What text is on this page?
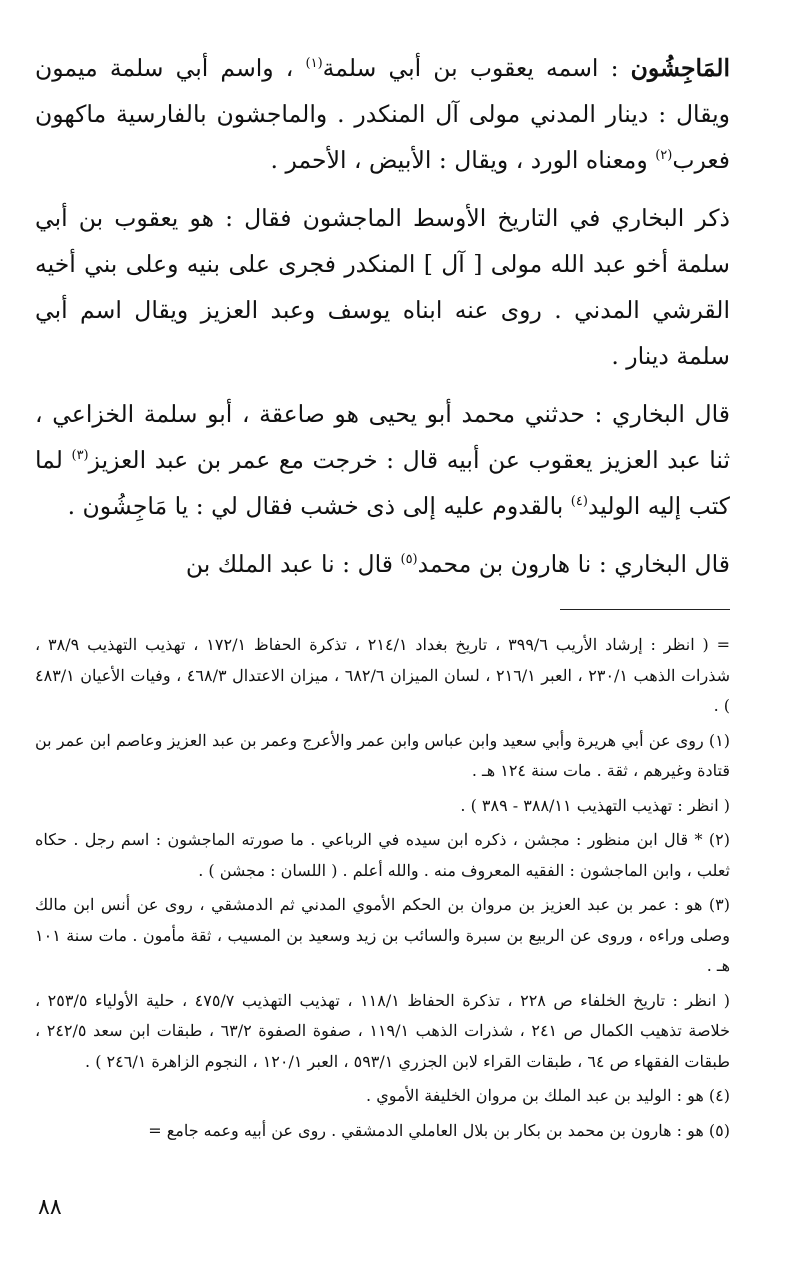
المَاجِشُون : اسمه يعقوب بن أبي سلمة$^{(١)}$ ، واسم أبي سلمة ميمون ويقال : دينار المدني مولى آل المنكدر . والماجشون بالفارسية ماكهون فعرب$^{(٢)}$ ومعناه الورد ، ويقال : الأبيض ، الأحمر .

ذكر البخاري في التاريخ الأوسط الماجشون فقال : هو يعقوب بن أبي سلمة أخو عبد الله مولى [ آل ] المنكدر فجرى على بنيه وعلى بني أخيه القرشي المدني . روى عنه ابناه يوسف وعبد العزيز ويقال اسم أبي سلمة دينار .

قال البخاري : حدثني محمد أبو يحيى هو صاعقة ، أبو سلمة الخزاعي ، ثنا عبد العزيز يعقوب عن أبيه قال : خرجت مع عمر بن عبد العزيز$^{(٣)}$ لما كتب إليه الوليد$^{(٤)}$ بالقدوم عليه إلى ذى خشب فقال لي : يا مَاجِشُون .

قال البخاري : نا هارون بن محمد$^{(٥)}$ قال : نا عبد الملك بن

= ( انظر : إرشاد الأريب ٣٩٩/٦ ، تاريخ بغداد ٢١٤/١ ، تذكرة الحفاظ ١٧٢/١ ، تهذيب التهذيب ٣٨/٩ ، شذرات الذهب ٢٣٠/١ ، العبر ٢١٦/١ ، لسان الميزان ٦٨٢/٦ ، ميزان الاعتدال ٤٦٨/٣ ، وفيات الأعيان ٤٨٣/١ ) .

(١) روى عن أبي هريرة وأبي سعيد وابن عباس وابن عمر والأعرج وعمر بن عبد العزيز وعاصم ابن عمر بن قتادة وغيرهم ، ثقة . مات سنة ١٢٤ هـ .

( انظر : تهذيب التهذيب ٣٨٨/١١ - ٣٨٩ ) .

(٢) * قال ابن منظور : مجشن ، ذكره ابن سيده في الرباعي . ما صورته الماجشون : اسم رجل . حكاه ثعلب ، وابن الماجشون : الفقيه المعروف منه . والله أعلم . ( اللسان : مجشن ) .

(٣) هو : عمر بن عبد العزيز بن مروان بن الحكم الأموي المدني ثم الدمشقي ، روى عن أنس ابن مالك وصلى وراءه ، وروى عن الربيع بن سبرة والسائب بن زيد وسعيد بن المسيب ، ثقة مأمون . مات سنة ١٠١ هـ .

( انظر : تاريخ الخلفاء ص ٢٢٨ ، تذكرة الحفاظ ١١٨/١ ، تهذيب التهذيب ٤٧٥/٧ ، حلية الأولياء ٢٥٣/٥ ، خلاصة تذهيب الكمال ص ٢٤١ ، شذرات الذهب ١١٩/١ ، صفوة الصفوة ٦٣/٢ ، طبقات ابن سعد ٢٤٢/٥ ، طبقات الفقهاء ص ٦٤ ، طبقات القراء لابن الجزري ٥٩٣/١ ، العبر ١٢٠/١ ، النجوم الزاهرة ٢٤٦/١ ) .

(٤) هو : الوليد بن عبد الملك بن مروان الخليفة الأموي .

(٥) هو : هارون بن محمد بن بكار بن بلال العاملي الدمشقي . روى عن أبيه وعمه جامع =

٨٨
